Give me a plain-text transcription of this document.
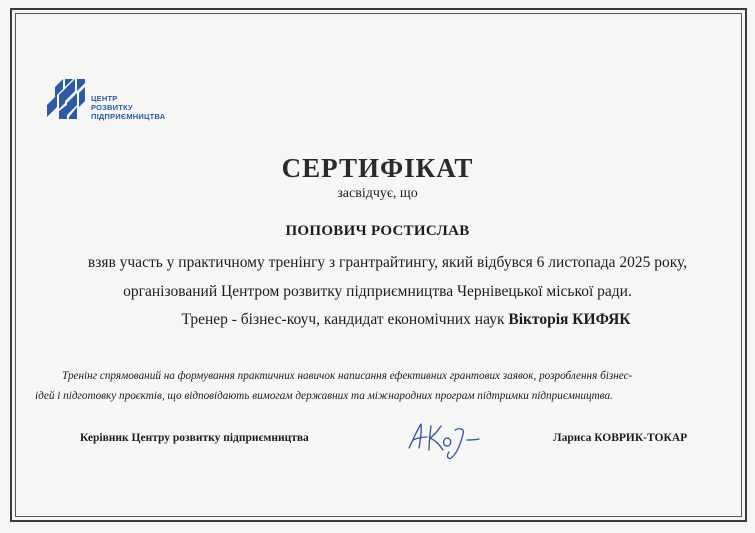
ЦЕНТР
РОЗВИТКУ
ПІДПРИЄМНИЦТВА
СЕРТИФІКАТ
засвідчує, що
ПОПОВИЧ РОСТИСЛАВ
взяв участь у практичному тренінгу з грантрайтингу, який відбувся 6 листопада 2025 року,
організований Центром розвитку підприємництва Чернівецької міської ради.
Тренер - бізнес-коуч, кандидат економічних наук Вікторія КИФЯК
Тренінг спрямований на формування практичних навичок написання ефективних грантових заявок, розроблення бізнес-
ідей і підготовку проєктів, що відповідають вимогам державних та міжнародних програм підтримки підприємництва.
Керівник Центру розвитку підприємництва	Лариса КОВРИК-ТОКАР
